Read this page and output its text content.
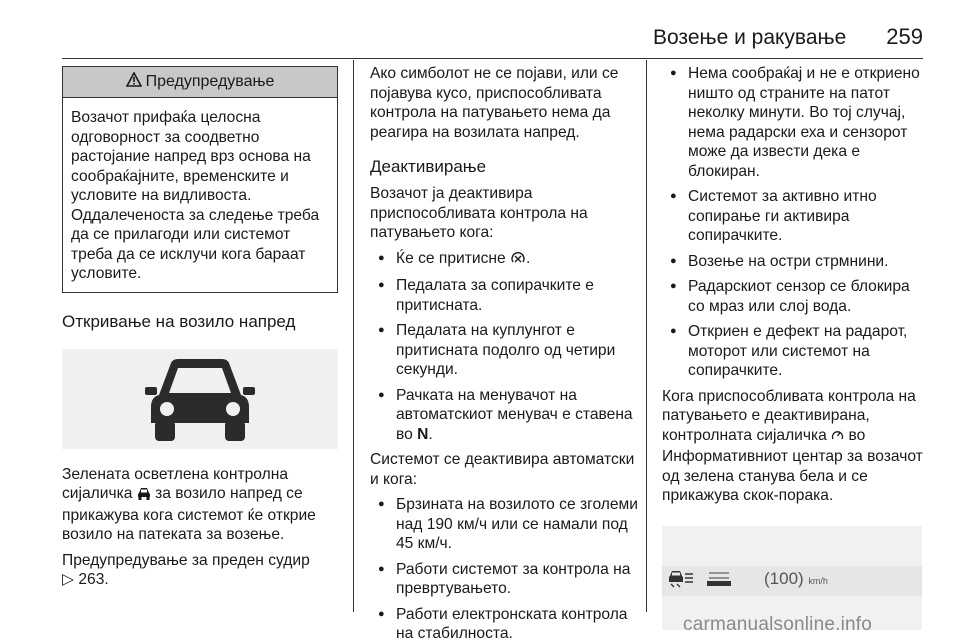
Возење и ракување 259
Предупредување
Возачот прифаќа целосна одговорност за соодветно растојание напред врз основа на сообраќајните, временските и условите на видливоста. Оддалеченоста за следење треба да се прилагоди или системот треба да се исклучи кога бараат условите.
Откривање на возило напред

Зелената осветлена контролна сијаличка за возило напред се прикажува кога системот ќе открие возило на патеката за возење.

Предупредување за преден судир
▷ 263.

Ако симболот не се појави, или се појавува кусо, приспособливата контрола на патувањето нема да реагира на возилата напред.

Деактивирање

Возачот ја деактивира приспособливата контрола на патувањето кога:

● Ќе се притисне .
● Педалата за сопирачките е притисната.
● Педалата на куплунгот е притисната подолго од четири секунди.
● Рачката на менувачот на автоматскиот менувач е ставена во N.

Системот се деактивира автоматски и кога:

● Брзината на возилото се зголеми над 190 км/ч или се намали под 45 км/ч.
● Работи системот за контрола на превртувањето.
● Работи електронската контрола на стабилноста.
● Нема сообраќај и не е откриено ништо од страните на патот неколку минути. Во тој случај, нема радарски еха и сензорот може да извести дека е блокиран.
● Системот за активно итно сопирање ги активира сопирачките.
● Возење на остри стрмнини.
● Радарскиот сензор се блокира со мраз или слој вода.
● Откриен е дефект на радарот, моторот или системот на сопирачките.

Кога приспособливата контрола на патувањето е деактивирана, контролната сијаличка во Информативниот центар за возачот од зелена станува бела и се прикажува скок-порака.

(100) km/h
carmanualsonline.info
